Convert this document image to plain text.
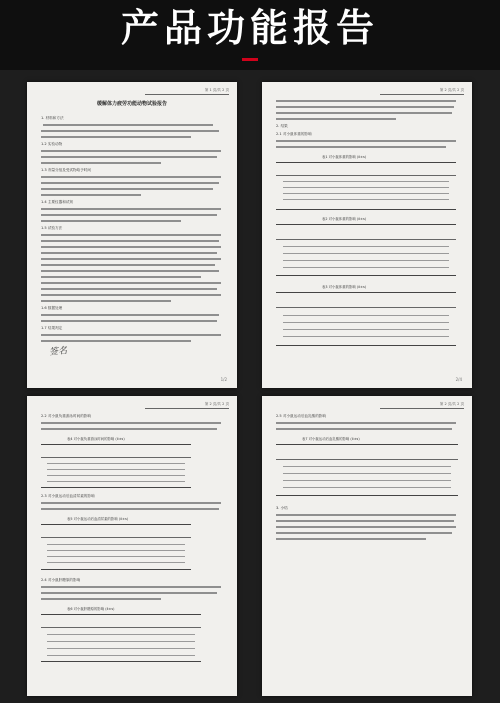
产品功能报告
第 1 页/共 2 页
缓解体力疲劳功能动物试验报告
1. 材料和方法
1.2 实验动物
1.3 剂量分组及受试物给予时间
1.4 主要仪器和试剂
1.5 试验方法
1.6 数据处理
1.7 结果判定
签名
1/2
第 2 页/共 2 页
2. 结果
2.1 对小鼠体重的影响
表1 对小鼠体重的影响 (x̄±s)
表2 对小鼠体重的影响 (x̄±s)
表3 对小鼠体重的影响 (x̄±s)
2/4
第 2 页/共 2 页
2.2 对小鼠负重游泳时间的影响
表4 对小鼠负重游泳时间的影响 (x̄±s)
2.3 对小鼠运动后血清尿素的影响
表5 对小鼠运动后血清尿素的影响 (x̄±s)
2.4 对小鼠肝糖原的影响
表6 对小鼠肝糖原的影响 (x̄±s)
第 2 页/共 2 页
2.5 对小鼠运动后血乳酸的影响
表7 对小鼠运动后血乳酸的影响 (x̄±s)
3. 小结
